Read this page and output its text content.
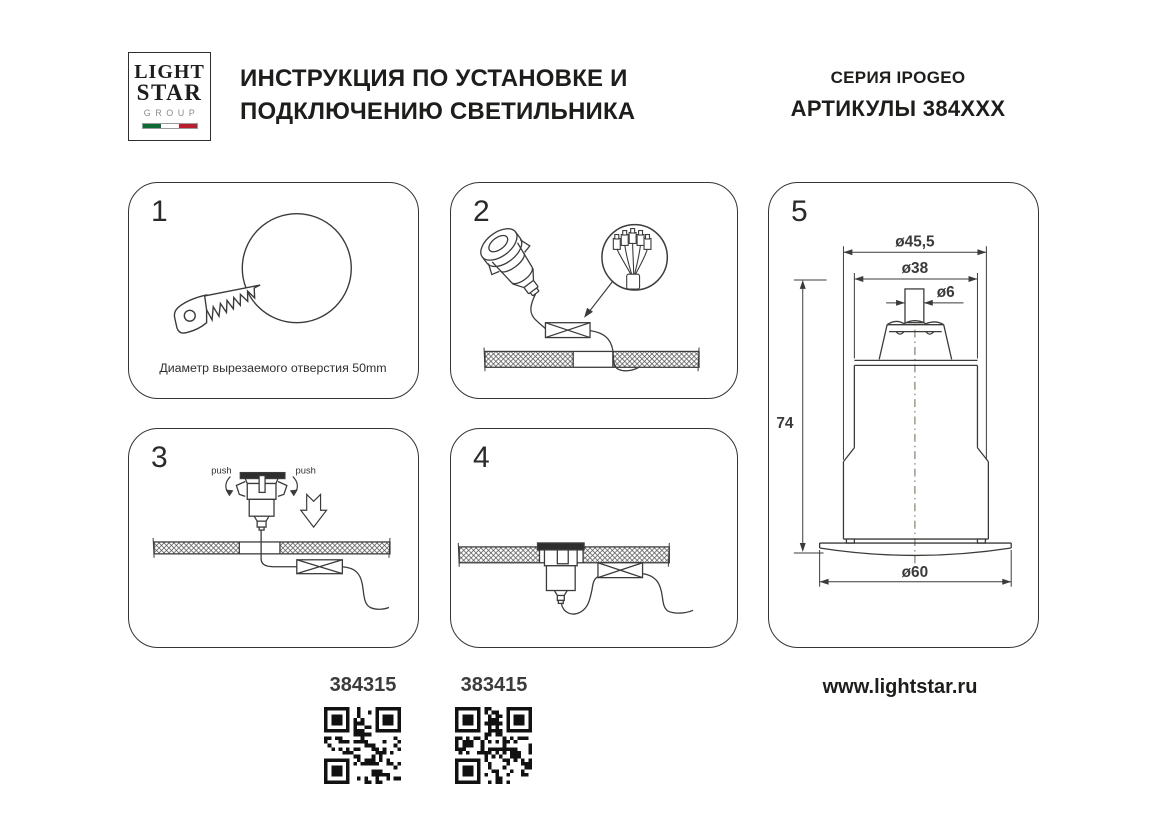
LIGHT
STAR
GROUP
ИНСТРУКЦИЯ ПО УСТАНОВКЕ И
ПОДКЛЮЧЕНИЮ СВЕТИЛЬНИКА
СЕРИЯ IPOGEO
АРТИКУЛЫ 384XXX
1
Диаметр вырезаемого отверстия 50mm
2
3	push	push	4
5
ø45,5
ø38
ø6
74
ø60
384315	383415	www.lightstar.ru
